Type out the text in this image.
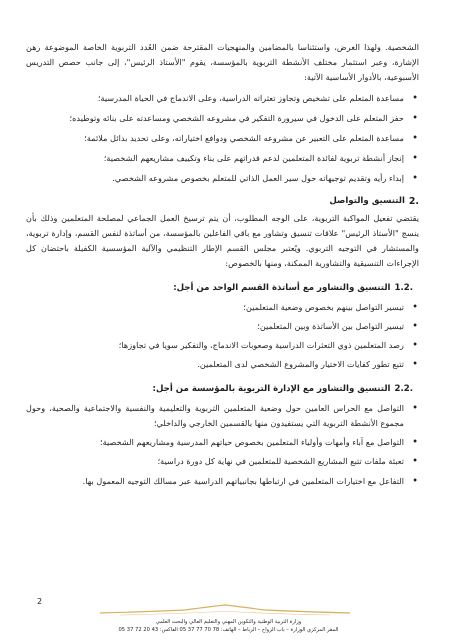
الشخصية. ولهذا الغرض، واستئناسا بالمضامين والمنهجيات المقترحة ضمن العُدد التربوية الخاصة الموضوعة رهن الإشارة، وعبر استثمار مختلف الأنشطة التربوية بالمؤسسة، يقوم "الأستاذ الرئيس"، إلى جانب حصص التدريس الأسبوعية، بالأدوار الأساسية الآتية:

• مساعدة المتعلم على تشخيص وتجاوز تعثراته الدراسية، وعلى الاندماج في الحياة المدرسية؛
• حفز المتعلم على الدخول في سيرورة التفكير في مشروعه الشخصي ومساعدته على بنائه وتوطيده؛
• مساعدة المتعلم على التعبير عن مشروعه الشخصي ودوافع اختياراته، وعلى تحديد بدائل ملائمة؛
• إنجاز أنشطة تربوية لفائدة المتعلمين لدعم قدراتهم على بناء وتكييف مشاريعهم الشخصية؛
• إبداء رأيه وتقديم توجيهاته حول سير العمل الذاتي للمتعلم بخصوص مشروعه الشخصي.
2.
التنسيق والتواصل

يقتضي تفعيل المواكبة التربوية، على الوجه المطلوب، أن يتم ترسيخ العمل الجماعي لمصلحة المتعلمين وذلك بأن ينسج "الأستاذ الرئيس" علاقات تنسيق وتشاور مع باقي الفاعلين بالمؤسسة، من أساتذة لنفس القسم، وإدارة تربوية، والمستشار في التوجيه التربوي. ويُعتبر مجلس القسم الإطار التنظيمي والآلية المؤسسية الكفيلة باحتضان كل الإجراءات التنسيقية والتشاورية الممكنة، ومنها بالخصوص:

1.2.
التنسيق والتشاور مع أساتذة القسم الواحد من أجل:
• تيسير التواصل بينهم بخصوص وضعية المتعلمين؛
• تيسير التواصل بين الأساتذة وبين المتعلمين؛
• رصد المتعلمين ذوي التعثرات الدراسية وصعوبات الاندماج، والتفكير سويا في تجاوزها؛
• تتبع تطور كفايات الاختيار والمشروع الشخصي لدى المتعلمين.
2.2.
التنسيق والتشاور مع الإدارة التربوية بالمؤسسة من أجل:
• التواصل مع الحراس العامين حول وضعية المتعلمين التربوية والتعليمية والنفسية والاجتماعية والصحية، وحول مجموع الأنشطة التربوية التي يستفيدون منها بالقسمين الخارجي والداخلي؛
• التواصل مع آباء وأمهات وأولياء المتعلمين بخصوص حياتهم المدرسية ومشاريعهم الشخصية؛
• تعبئة ملفات تتبع المشاريع الشخصية للمتعلمين في نهاية كل دورة دراسية؛
• التفاعل مع اختيارات المتعلمين في ارتباطها بجانبياتهم الدراسية عبر مسالك التوجيه المعمول بها.
2
وزارة التربية الوطنية والتكوين المهني والتعليم العالي والبحث العلمي
المقر المركزي الوزارة – باب الرواح – الرباط – الهاتف: 78 70 77 37 05 الفاكس: 43 20 72 37 05
